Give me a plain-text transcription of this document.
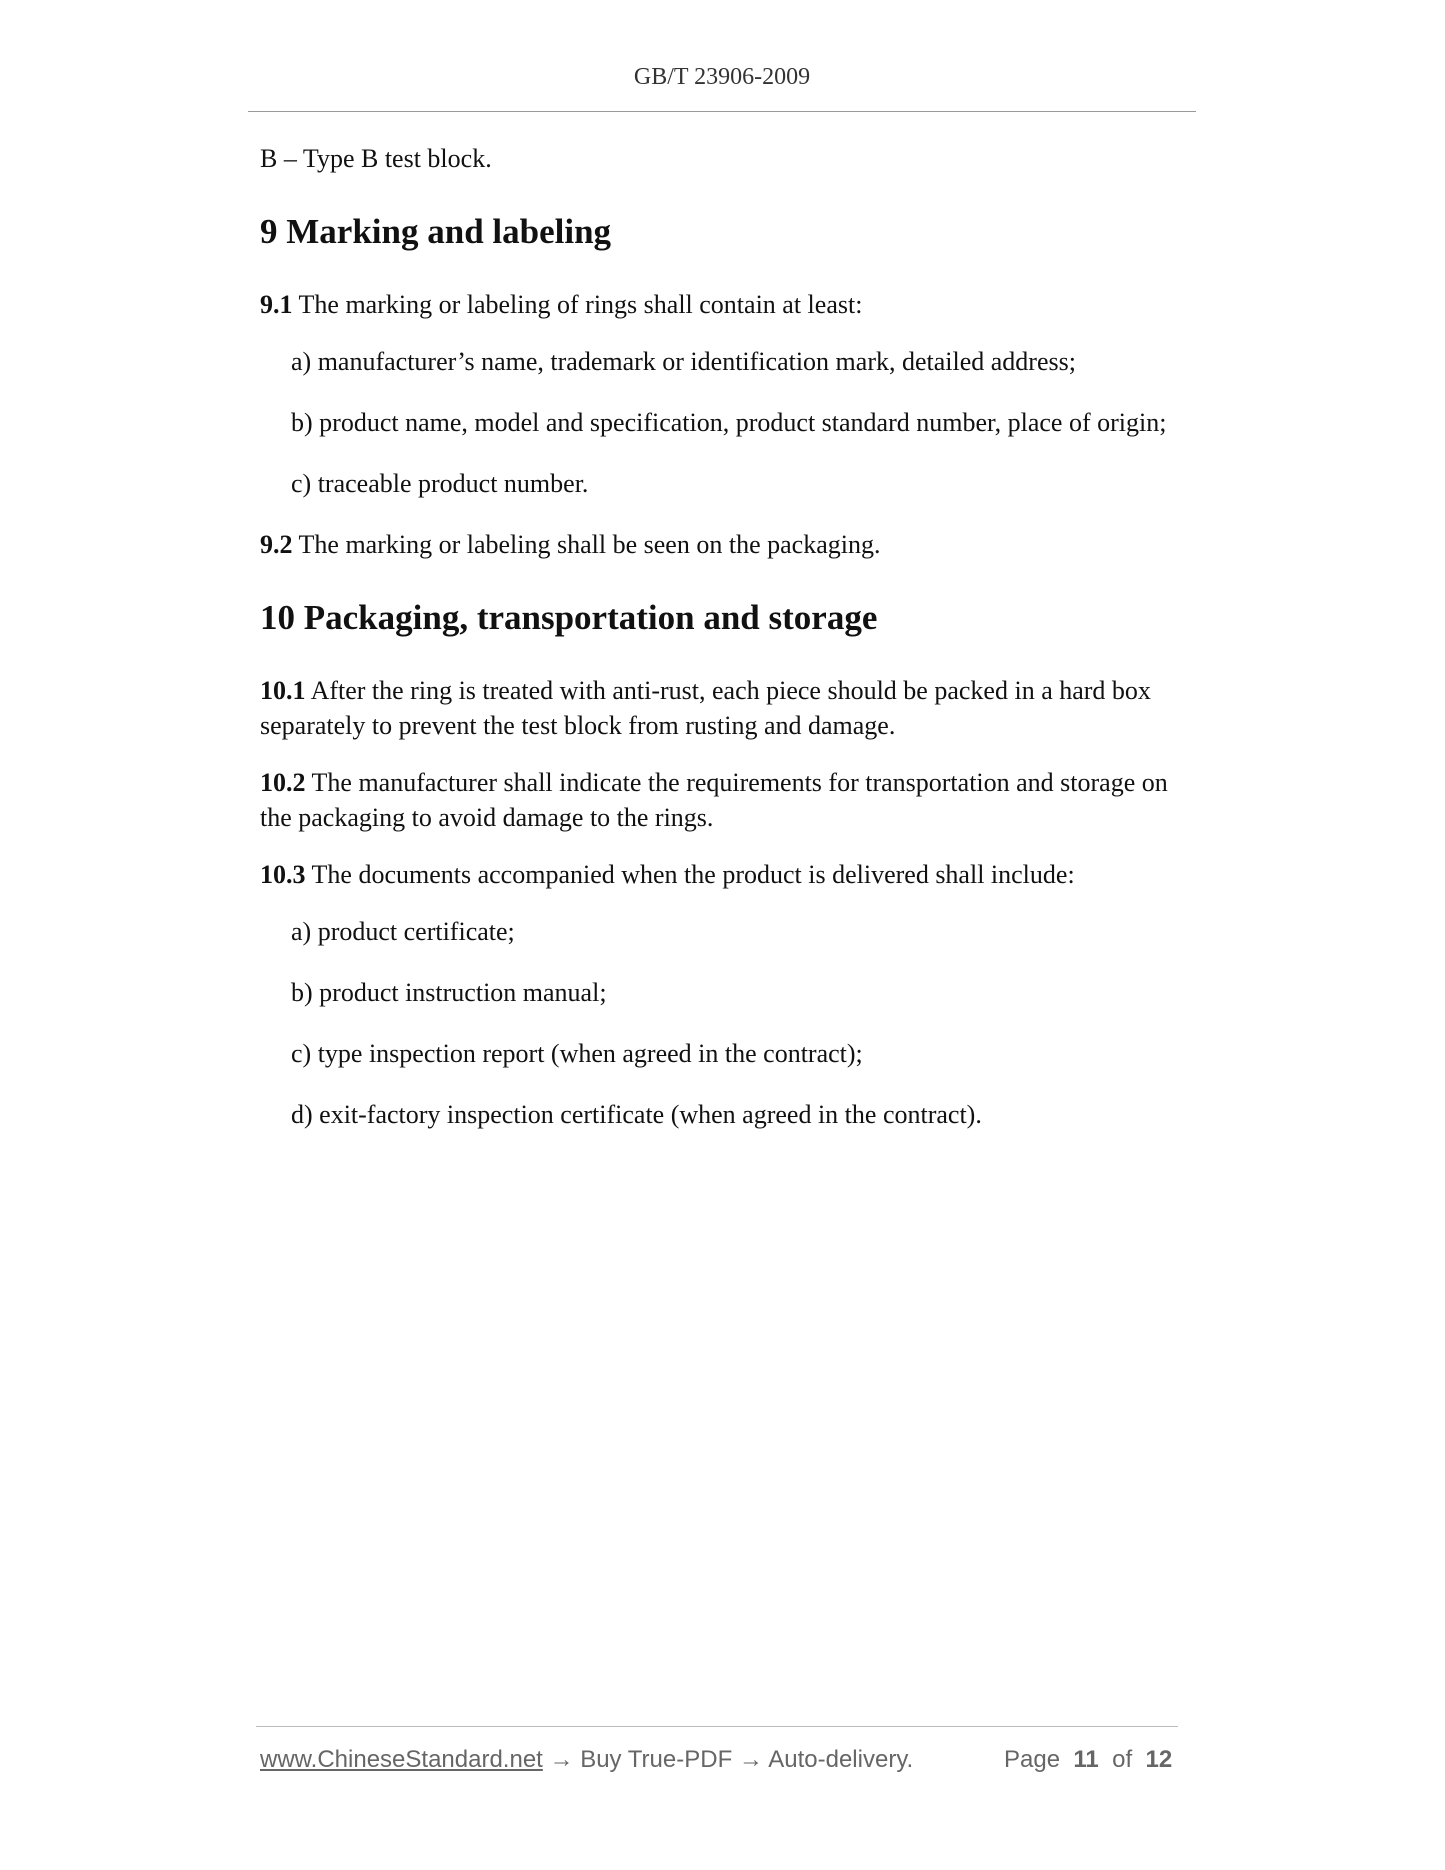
GB/T 23906-2009
B – Type B test block.
9 Marking and labeling
9.1 The marking or labeling of rings shall contain at least:
a) manufacturer’s name, trademark or identification mark, detailed address;
b) product name, model and specification, product standard number, place of origin;
c) traceable product number.
9.2 The marking or labeling shall be seen on the packaging.
10 Packaging, transportation and storage
10.1 After the ring is treated with anti-rust, each piece should be packed in a hard box separately to prevent the test block from rusting and damage.
10.2 The manufacturer shall indicate the requirements for transportation and storage on the packaging to avoid damage to the rings.
10.3 The documents accompanied when the product is delivered shall include:
a) product certificate;
b) product instruction manual;
c) type inspection report (when agreed in the contract);
d) exit-factory inspection certificate (when agreed in the contract).
www.ChineseStandard.net → Buy True-PDF → Auto-delivery.	Page 11 of 12
